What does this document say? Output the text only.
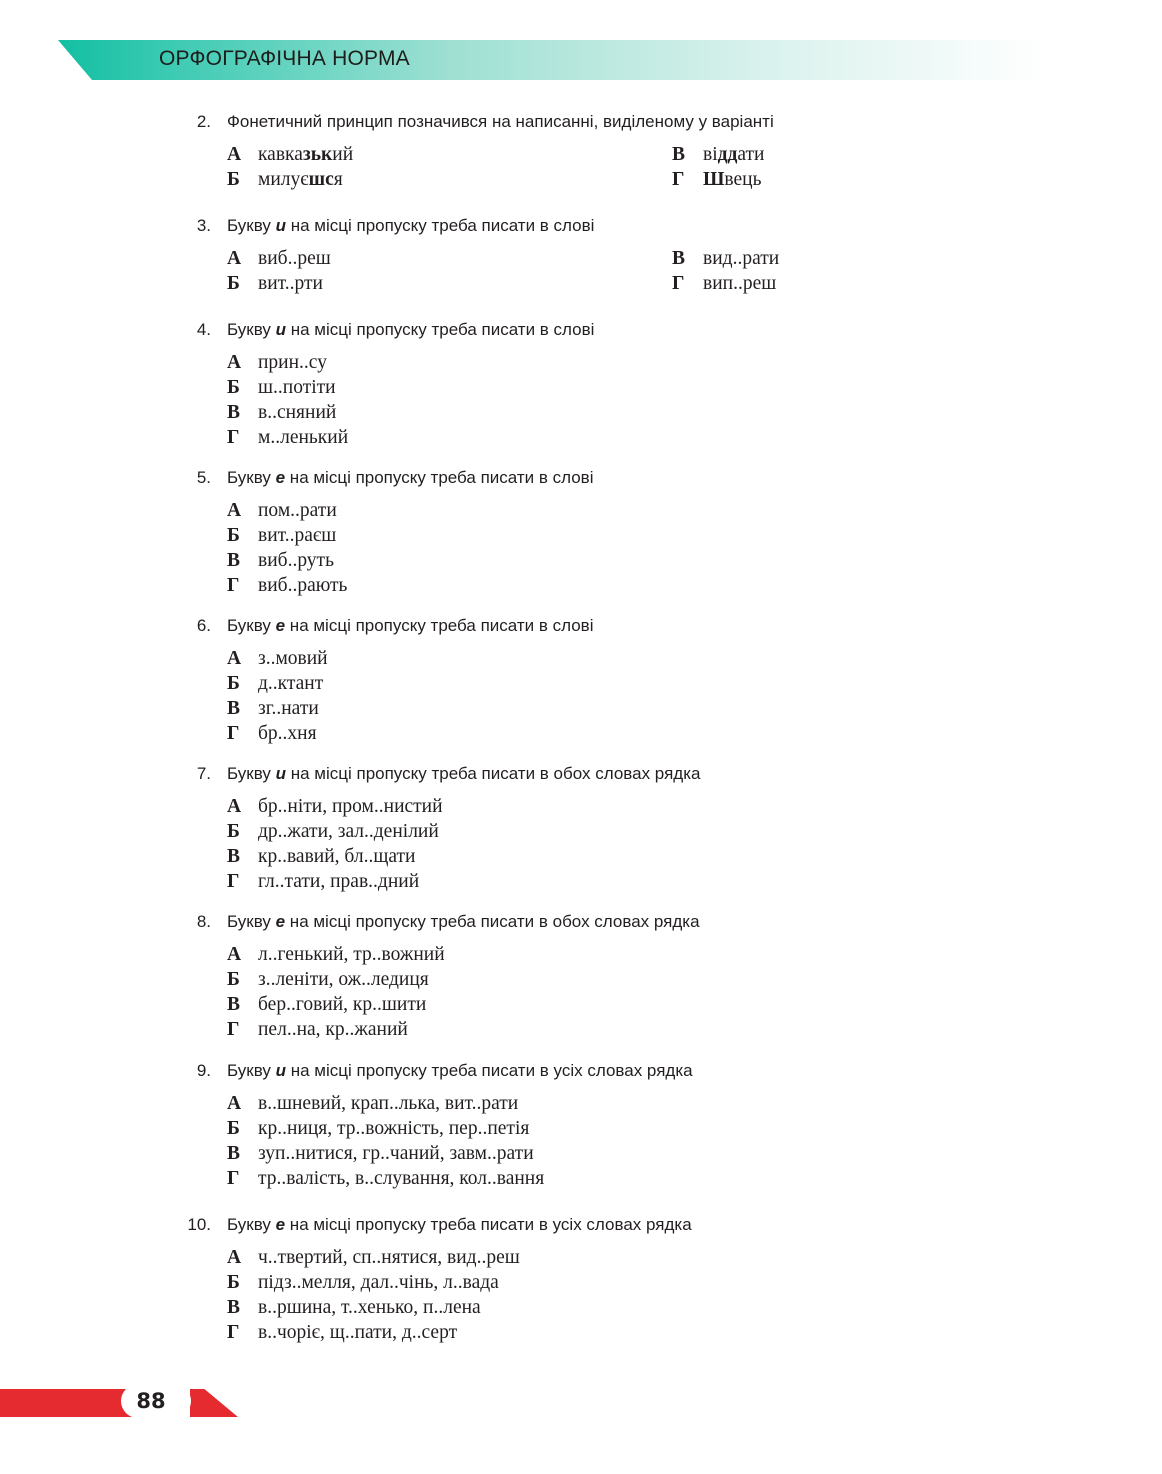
ОРФОГРАФІЧНА НОРМА
2. Фонетичний принцип позначився на написанні, виділеному у варіанті
А кавказький
Б милуєшся
В віддати
Г Швець
3. Букву и на місці пропуску треба писати в слові
А виб..реш
Б вит..рти
В вид..рати
Г вип..реш
4. Букву и на місці пропуску треба писати в слові
А прин..су
Б ш..потіти
В в..сняний
Г м..ленький
5. Букву е на місці пропуску треба писати в слові
А пом..рати
Б вит..раєш
В виб..руть
Г виб..рають
6. Букву е на місці пропуску треба писати в слові
А з..мовий
Б д..ктант
В зг..нати
Г бр..хня
7. Букву и на місці пропуску треба писати в обох словах рядка
А бр..ніти, пром..нистий
Б др..жати, зал..денілий
В кр..вавий, бл..щати
Г гл..тати, прав..дний
8. Букву е на місці пропуску треба писати в обох словах рядка
А л..генький, тр..вожний
Б з..леніти, ож..ледиця
В бер..говий, кр..шити
Г пел..на, кр..жаний
9. Букву и на місці пропуску треба писати в усіх словах рядка
А в..шневий, крап..лька, вит..рати
Б кр..ниця, тр..вожність, пер..петія
В зуп..нитися, гр..чаний, завм..рати
Г тр..валість, в..слування, кол..вання
10. Букву е на місці пропуску треба писати в усіх словах рядка
А ч..твертий, сп..нятися, вид..реш
Б підз..мелля, дал..чінь, л..вада
В в..ршина, т..хенько, п..лена
Г в..чоріє, щ..пати, д..серт
88
